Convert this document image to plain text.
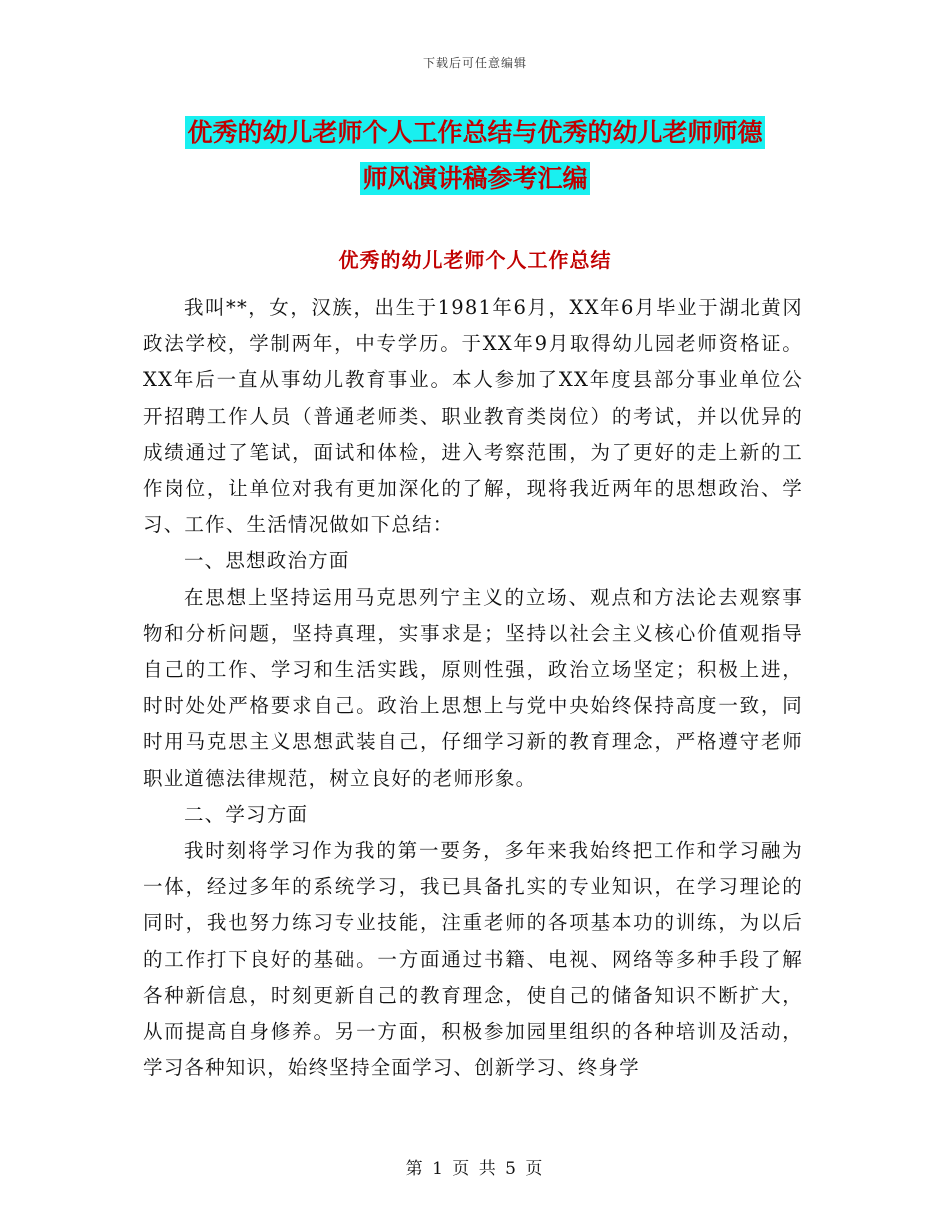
下载后可任意编辑
优秀的幼儿老师个人工作总结与优秀的幼儿老师师德
师风演讲稿参考汇编
优秀的幼儿老师个人工作总结

我叫**，女，汉族，出生于1981年6月，XX年6月毕业于湖北黄冈政法学校，学制两年，中专学历。于XX年9月取得幼儿园老师资格证。XX年后一直从事幼儿教育事业。本人参加了XX年度县部分事业单位公开招聘工作人员（普通老师类、职业教育类岗位）的考试，并以优异的成绩通过了笔试，面试和体检，进入考察范围，为了更好的走上新的工作岗位，让单位对我有更加深化的了解，现将我近两年的思想政治、学习、工作、生活情况做如下总结：

一、思想政治方面

在思想上坚持运用马克思列宁主义的立场、观点和方法论去观察事物和分析问题，坚持真理，实事求是；坚持以社会主义核心价值观指导自己的工作、学习和生活实践，原则性强，政治立场坚定；积极上进，时时处处严格要求自己。政治上思想上与党中央始终保持高度一致，同时用马克思主义思想武装自己，仔细学习新的教育理念，严格遵守老师职业道德法律规范，树立良好的老师形象。

二、学习方面

我时刻将学习作为我的第一要务，多年来我始终把工作和学习融为一体，经过多年的系统学习，我已具备扎实的专业知识，在学习理论的同时，我也努力练习专业技能，注重老师的各项基本功的训练，为以后的工作打下良好的基础。一方面通过书籍、电视、网络等多种手段了解各种新信息，时刻更新自己的教育理念，使自己的储备知识不断扩大，从而提高自身修养。另一方面，积极参加园里组织的各种培训及活动，学习各种知识，始终坚持全面学习、创新学习、终身学

第 1 页 共 5 页
